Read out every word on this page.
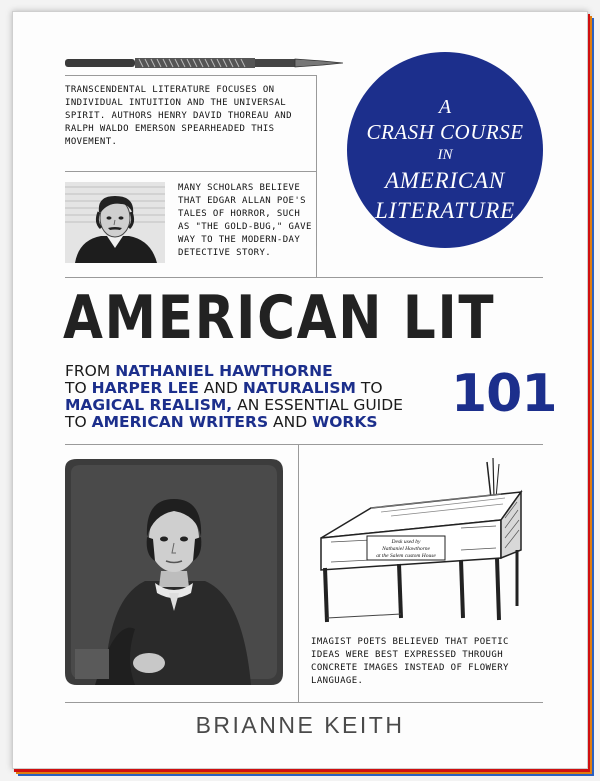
TRANSCENDENTAL LITERATURE FOCUSES ON INDIVIDUAL INTUITION AND THE UNIVERSAL SPIRIT. AUTHORS HENRY DAVID THOREAU AND RALPH WALDO EMERSON SPEARHEADED THIS MOVEMENT.
MANY SCHOLARS BELIEVE THAT EDGAR ALLAN POE'S TALES OF HORROR, SUCH AS "THE GOLD-BUG," GAVE WAY TO THE MODERN-DAY DETECTIVE STORY.
A
CRASH COURSE
IN
AMERICAN
LITERATURE
AMERICAN LIT
FROM NATHANIEL HAWTHORNE
TO HARPER LEE AND NATURALISM TO
MAGICAL REALISM, AN ESSENTIAL GUIDE
TO AMERICAN WRITERS AND WORKS	101
Desk used by
Nathaniel Hawthorne
at the Salem custom House
IMAGIST POETS BELIEVED THAT POETIC IDEAS WERE BEST EXPRESSED THROUGH CONCRETE IMAGES INSTEAD OF FLOWERY LANGUAGE.
BRIANNE KEITH
